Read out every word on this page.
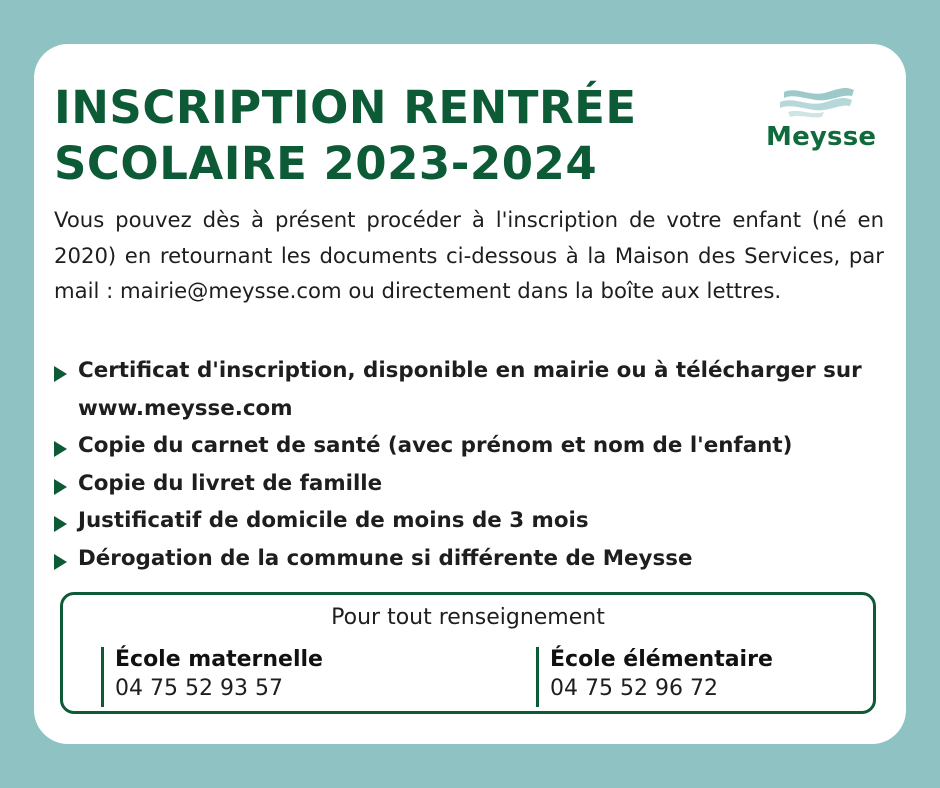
INSCRIPTION RENTRÉE
SCOLAIRE 2023-2024	Meysse

Vous pouvez dès à présent procéder à l'inscription de votre enfant (né en 2020) en retournant les documents ci-dessous à la Maison des Services, par mail : mairie@meysse.com ou directement dans la boîte aux lettres.

Certificat d'inscription, disponible en mairie ou à télécharger sur www.meysse.com
Copie du carnet de santé (avec prénom et nom de l'enfant)
Copie du livret de famille
Justificatif de domicile de moins de 3 mois
Dérogation de la commune si différente de Meysse
Pour tout renseignement
École maternelle
04 75 52 93 57
École élémentaire
04 75 52 96 72
